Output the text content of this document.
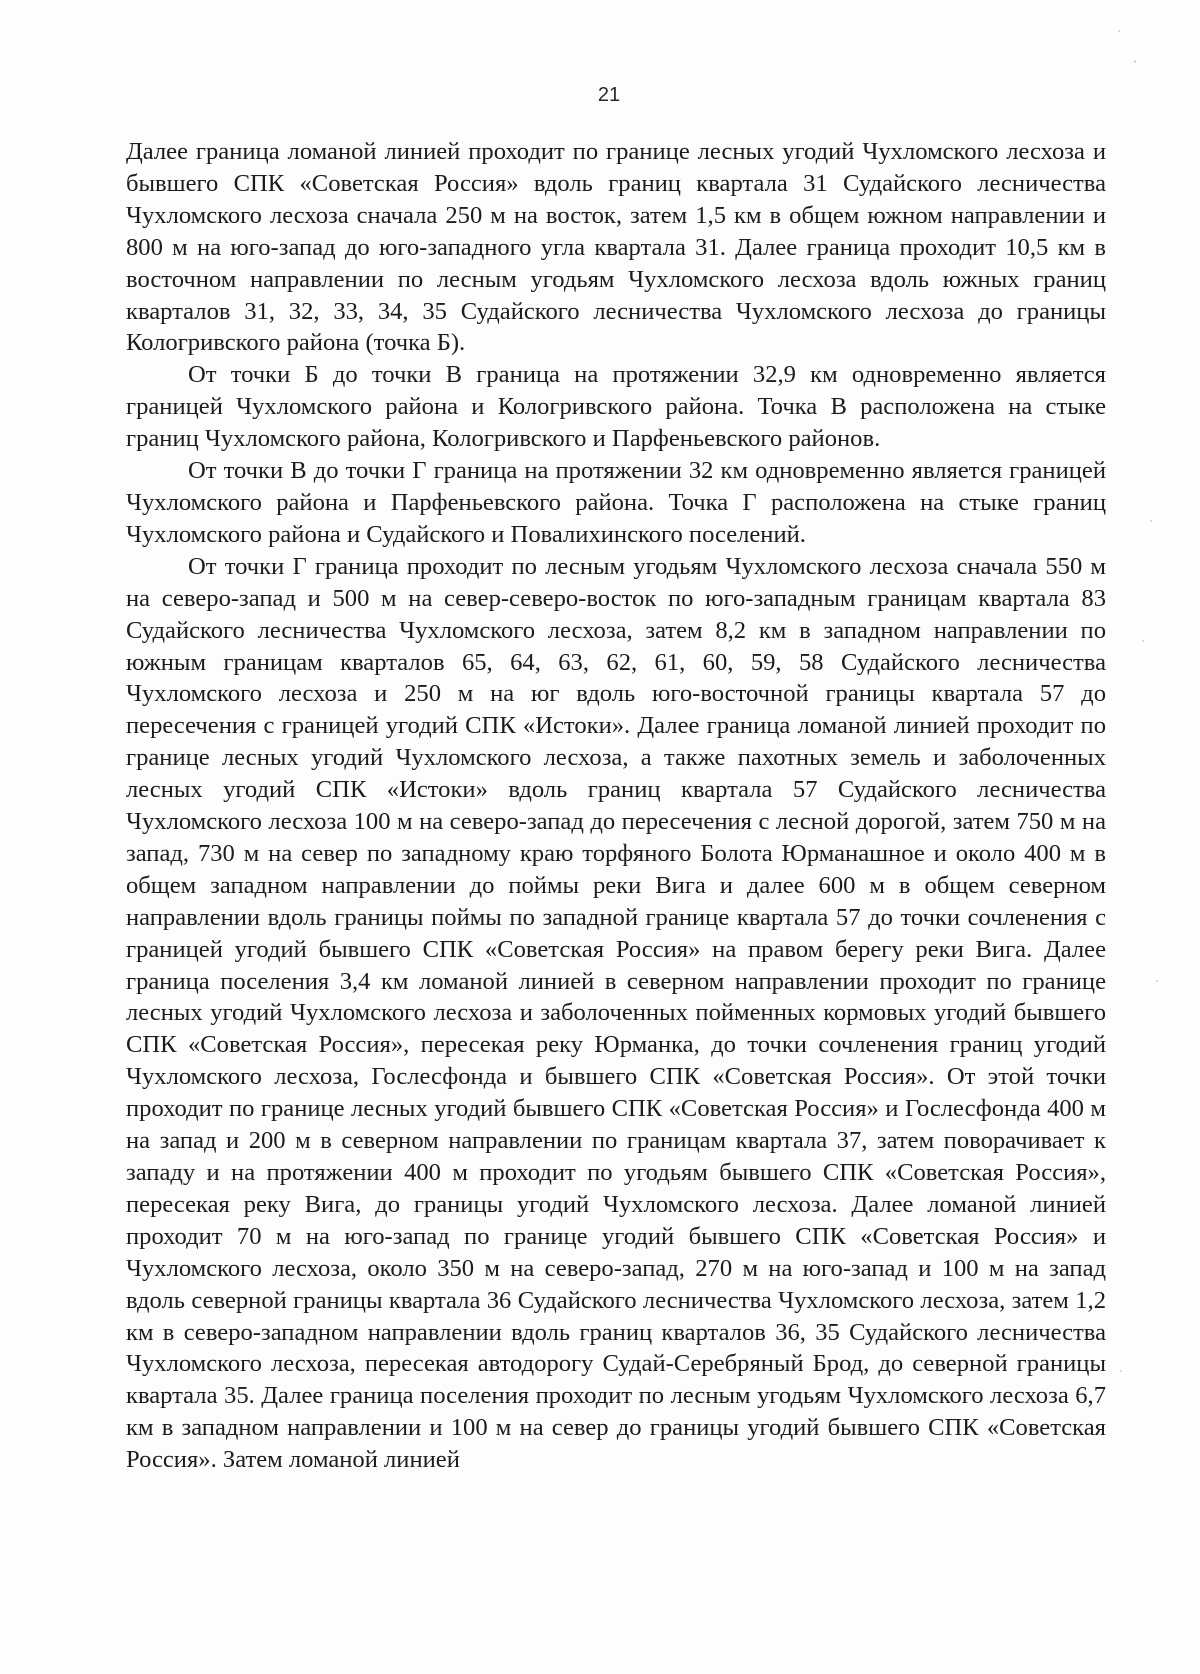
21

Далее граница ломаной линией проходит по границе лесных угодий Чухломского лесхоза и бывшего СПК «Советская Россия» вдоль границ квартала 31 Судайского лесничества Чухломского лесхоза сначала 250 м на восток, затем 1,5 км в общем южном направлении и 800 м на юго-запад до юго-западного угла квартала 31. Далее граница проходит 10,5 км в восточном направлении по лесным угодьям Чухломского лесхоза вдоль южных границ кварталов 31, 32, 33, 34, 35 Судайского лесничества Чухломского лесхоза до границы Кологривского района (точка Б).

От точки Б до точки В граница на протяжении 32,9 км одновременно является границей Чухломского района и Кологривского района. Точка В расположена на стыке границ Чухломского района, Кологривского и Парфеньевского районов.

От точки В до точки Г граница на протяжении 32 км одновременно является границей Чухломского района и Парфеньевского района. Точка Г расположена на стыке границ Чухломского района и Судайского и Повалихинского поселений.

От точки Г граница проходит по лесным угодьям Чухломского лесхоза сначала 550 м на северо-запад и 500 м на север-северо-восток по юго-западным границам квартала 83 Судайского лесничества Чухломского лесхоза, затем 8,2 км в западном направлении по южным границам кварталов 65, 64, 63, 62, 61, 60, 59, 58 Судайского лесничества Чухломского лесхоза и 250 м на юг вдоль юго-восточной границы квартала 57 до пересечения с границей угодий СПК «Истоки». Далее граница ломаной линией проходит по границе лесных угодий Чухломского лесхоза, а также пахотных земель и заболоченных лесных угодий СПК «Истоки» вдоль границ квартала 57 Судайского лесничества Чухломского лесхоза 100 м на северо-запад до пересечения с лесной дорогой, затем 750 м на запад, 730 м на север по западному краю торфяного Болота Юрманашное и около 400 м в общем западном направлении до поймы реки Вига и далее 600 м в общем северном направлении вдоль границы поймы по западной границе квартала 57 до точки сочленения с границей угодий бывшего СПК «Советская Россия» на правом берегу реки Вига. Далее граница поселения 3,4 км ломаной линией в северном направлении проходит по границе лесных угодий Чухломского лесхоза и заболоченных пойменных кормовых угодий бывшего СПК «Советская Россия», пересекая реку Юрманка, до точки сочленения границ угодий Чухломского лесхоза, Гослесфонда и бывшего СПК «Советская Россия». От этой точки проходит по границе лесных угодий бывшего СПК «Советская Россия» и Гослесфонда 400 м на запад и 200 м в северном направлении по границам квартала 37, затем поворачивает к западу и на протяжении 400 м проходит по угодьям бывшего СПК «Советская Россия», пересекая реку Вига, до границы угодий Чухломского лесхоза. Далее ломаной линией проходит 70 м на юго-запад по границе угодий бывшего СПК «Советская Россия» и Чухломского лесхоза, около 350 м на северо-запад, 270 м на юго-запад и 100 м на запад вдоль северной границы квартала 36 Судайского лесничества Чухломского лесхоза, затем 1,2 км в северо-западном направлении вдоль границ кварталов 36, 35 Судайского лесничества Чухломского лесхоза, пересекая автодорогу Судай-Серебряный Брод, до северной границы квартала 35. Далее граница поселения проходит по лесным угодьям Чухломского лесхоза 6,7 км в западном направлении и 100 м на север до границы угодий бывшего СПК «Советская Россия». Затем ломаной линией
